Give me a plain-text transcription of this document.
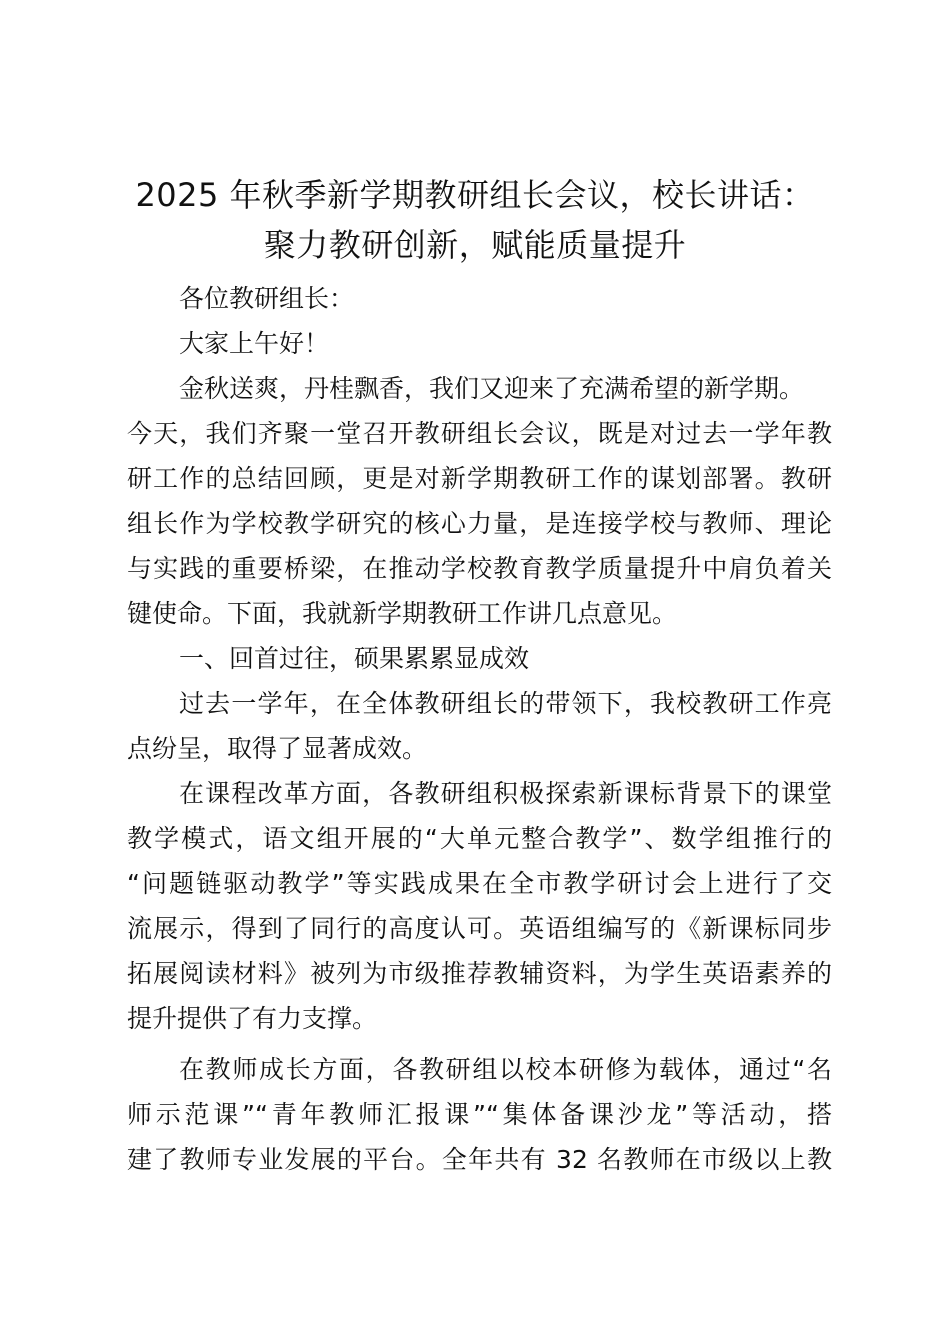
2025 年秋季新学期教研组长会议，校长讲话：
聚力教研创新，赋能质量提升
各位教研组长：
大家上午好！
金秋送爽，丹桂飘香，我们又迎来了充满希望的新学期。
今天，我们齐聚一堂召开教研组长会议，既是对过去一学年教
研工作的总结回顾，更是对新学期教研工作的谋划部署。教研
组长作为学校教学研究的核心力量，是连接学校与教师、理论
与实践的重要桥梁，在推动学校教育教学质量提升中肩负着关
键使命。下面，我就新学期教研工作讲几点意见。
一、回首过往，硕果累累显成效
过去一学年，在全体教研组长的带领下，我校教研工作亮
点纷呈，取得了显著成效。
在课程改革方面，各教研组积极探索新课标背景下的课堂
教学模式，语文组开展的“大单元整合教学”、数学组推行的
“问题链驱动教学”等实践成果在全市教学研讨会上进行了交
流展示，得到了同行的高度认可。英语组编写的《新课标同步
拓展阅读材料》被列为市级推荐教辅资料，为学生英语素养的
提升提供了有力支撑。
在教师成长方面，各教研组以校本研修为载体，通过“名
师示范课”“青年教师汇报课”“集体备课沙龙”等活动，搭
建了教师专业发展的平台。全年共有 32 名教师在市级以上教
